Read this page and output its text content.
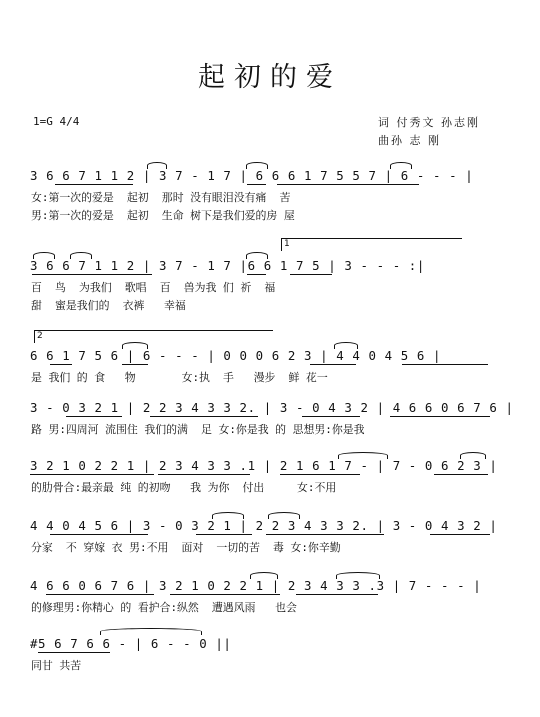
起初的爱
1=G 4/4	词 付秀文 孙志刚
曲孙 志 刚
3 6 6 7 1 1 2 | 3 7 - 1 7 | 6 6 6 1 7 5 5 7 | 6 - - - |
女:第一次的爱是  起初  那时 没有眼泪没有痛  苦
男:第一次的爱是  起初  生命 树下是我们爱的房 屋
1
3 6 6 7 1 1 2 | 3 7 - 1 7 |6 6 1 7 5 | 3 - - - :|
百  鸟  为我们  歌唱  百  兽为我 们 祈  福
甜  蜜是我们的  衣裤   幸福
2
6 6 1 7 5 6 | 6 - - - | 0 0 0 6 2 3 | 4 4 0 4 5 6 |
是 我们 的 食   物       女:执  手   漫步  鲜 花一
3 - 0 3 2 1 | 2 2 3 4 3 3 2. | 3 - 0 4 3 2 | 4 6 6 0 6 7 6 |
路 男:四周河 流围住 我们的满  足 女:你是我 的 思想男:你是我
3 2 1 0 2 2 1 | 2 3 4 3 3 .1 | 2 1 6 1 7 - | 7 - 0 6 2 3 |
的肋骨合:最亲最 纯 的初吻   我 为你  付出     女:不用
4 4 0 4 5 6 | 3 - 0 3 2 1 | 2 2 3 4 3 3 2. | 3 - 0 4 3 2 |
分家  不 穿嫁 衣 男:不用  面对  一切的苦  毒 女:你辛勤
4 6 6 0 6 7 6 | 3 2 1 0 2 2 1 | 2 3 4 3 3 .3 | 7 - - - |
的修理男:你精心 的 看护合:纵然  遭遇风雨   也会
#5 6 7 6 6 - | 6 - - 0 ||
同甘 共苦
